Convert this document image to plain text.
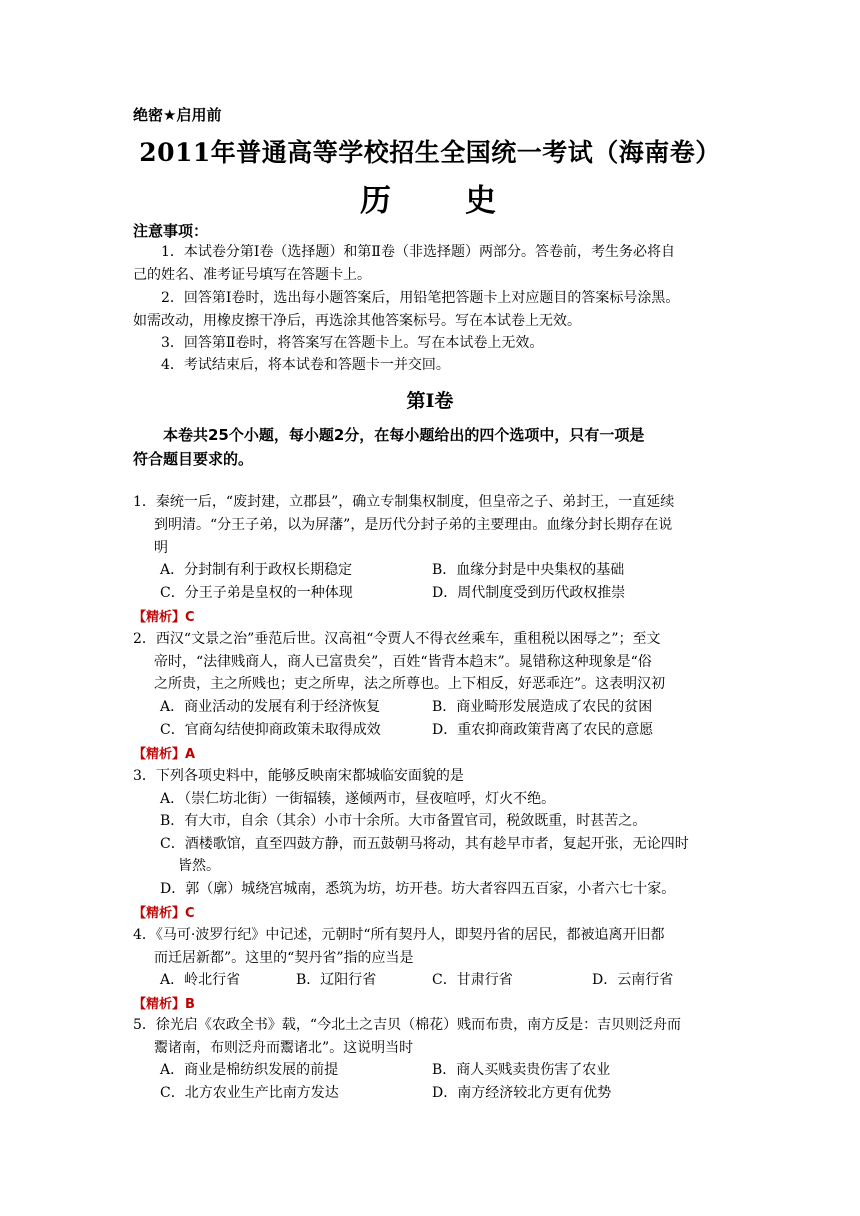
绝密★启用前
2011年普通高等学校招生全国统一考试（海南卷）
历　　史
注意事项：
1．本试卷分第Ⅰ卷（选择题）和第Ⅱ卷（非选择题）两部分。答卷前，考生务必将自
己的姓名、准考证号填写在答题卡上。
2．回答第Ⅰ卷时，选出每小题答案后，用铅笔把答题卡上对应题目的答案标号涂黑。
如需改动，用橡皮擦干净后，再选涂其他答案标号。写在本试卷上无效。
3．回答第Ⅱ卷时，将答案写在答题卡上。写在本试卷上无效。
4．考试结束后，将本试卷和答题卡一并交回。
第Ⅰ卷
本卷共25个小题，每小题2分，在每小题给出的四个选项中，只有一项是
符合题目要求的。
1．秦统一后，“废封建，立郡县”，确立专制集权制度，但皇帝之子、弟封王，一直延续
到明清。“分王子弟，以为屏藩”，是历代分封子弟的主要理由。血缘分封长期存在说
明
A．分封制有利于政权长期稳定	B．血缘分封是中央集权的基础
C．分王子弟是皇权的一种体现	D．周代制度受到历代政权推崇
【精析】C
2．西汉“文景之治”垂范后世。汉高祖“令贾人不得衣丝乘车，重租税以困辱之”；至文
帝时，“法律贱商人，商人已富贵矣”，百姓“皆背本趋末”。晁错称这种现象是“俗
之所贵，主之所贱也；吏之所卑，法之所尊也。上下相反，好恶乖迕”。这表明汉初
A．商业活动的发展有利于经济恢复	B．商业畸形发展造成了农民的贫困
C．官商勾结使抑商政策未取得成效	D．重农抑商政策背离了农民的意愿
【精析】A
3．下列各项史料中，能够反映南宋都城临安面貌的是
A．（崇仁坊北街）一街辐辏，遂倾两市，昼夜喧呼，灯火不绝。
B．有大市，自余（其余）小市十余所。大市备置官司，税敛既重，时甚苦之。
C．酒楼歌馆，直至四鼓方静，而五鼓朝马将动，其有趁早市者，复起开张，无论四时
皆然。
D．郭（廓）城绕宫城南，悉筑为坊，坊开巷。坊大者容四五百家，小者六七十家。
【精析】C
4．《马可·波罗行纪》中记述，元朝时“所有契丹人，即契丹省的居民，都被追离开旧都
而迁居新都”。这里的“契丹省”指的应当是
A．岭北行省	B．辽阳行省	C．甘肃行省	D．云南行省
【精析】B
5．徐光启《农政全书》载，“今北土之吉贝（棉花）贱而布贵，南方反是：吉贝则泛舟而
鬻诸南，布则泛舟而鬻诸北”。这说明当时
A．商业是棉纺织发展的前提	B．商人买贱卖贵伤害了农业
C．北方农业生产比南方发达	D．南方经济较北方更有优势
